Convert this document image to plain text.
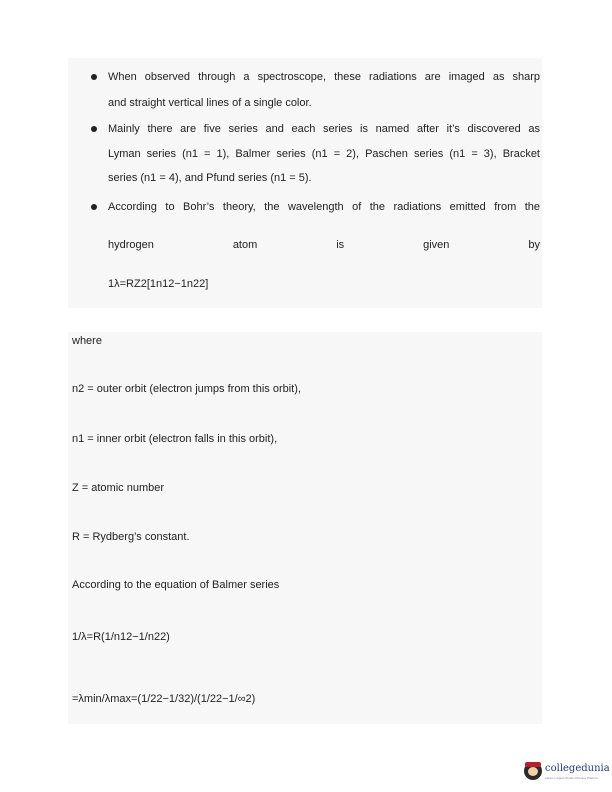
When observed through a spectroscope, these radiations are imaged as sharp
and straight vertical lines of a single color.
Mainly there are five series and each series is named after it’s discovered as
Lyman series (n1 = 1), Balmer series (n1 = 2), Paschen series (n1 = 3), Bracket
series (n1 = 4), and Pfund series (n1 = 5).
According to Bohr’s theory, the wavelength of the radiations emitted from the
hydrogen	atom	is	given	by
1λ=RZ2[1n12−1n22]
where
n2 = outer orbit (electron jumps from this orbit),
n1 = inner orbit (electron falls in this orbit),
Z = atomic number
R = Rydberg’s constant.
According to the equation of Balmer series
1/λ=R(1/n12−1/n22)
=λmin/λmax=(1/22−1/32)/(1/22−1/∞2)
collegedunia
India's Largest Student Review Platform
